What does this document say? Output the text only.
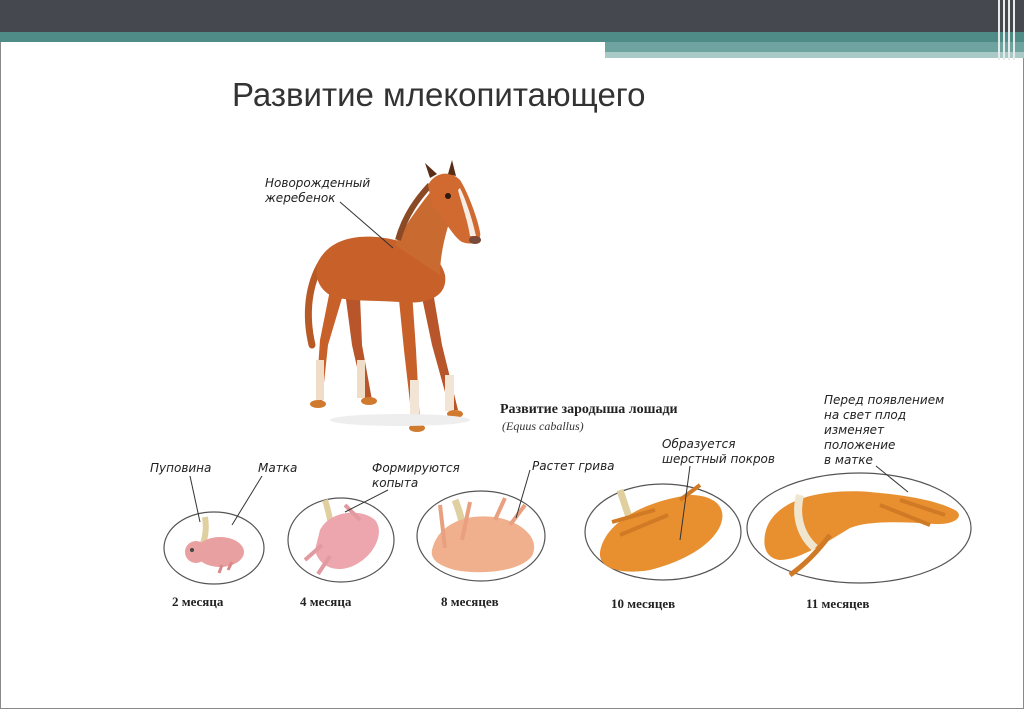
Развитие млекопитающего
Новорожденный
жеребенок
Развитие зародыша лошади
(Equus caballus)
Пуповина	Матка	Формируются
копыта
Растет грива
Образуется
шерстный покров
Перед появлением
на свет плод
изменяет
положение
в матке
2 месяца	4 месяца	8 месяцев	10 месяцев	11 месяцев
